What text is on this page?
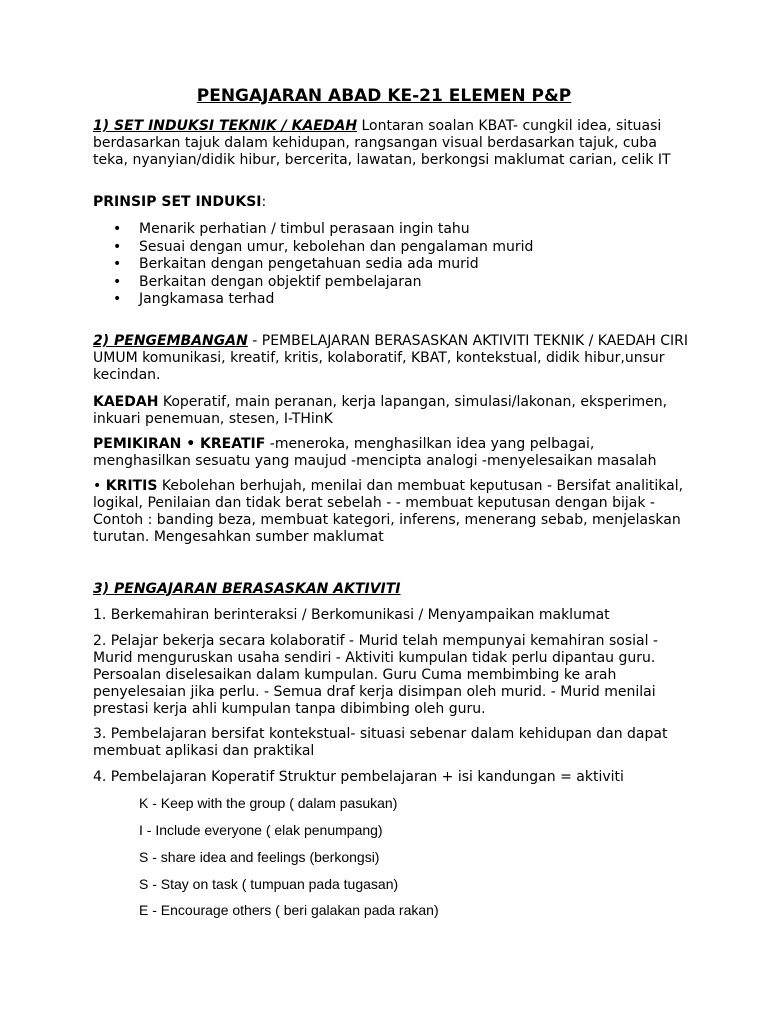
PENGAJARAN ABAD KE-21 ELEMEN P&P
1) SET INDUKSI TEKNIK / KAEDAH Lontaran soalan KBAT- cungkil idea, situasi berdasarkan tajuk dalam kehidupan, rangsangan visual berdasarkan tajuk, cuba teka, nyanyian/didik hibur, bercerita, lawatan, berkongsi maklumat carian, celik IT
PRINSIP SET INDUKSI:
• Menarik perhatian / timbul perasaan ingin tahu
• Sesuai dengan umur, kebolehan dan pengalaman murid
• Berkaitan dengan pengetahuan sedia ada murid
• Berkaitan dengan objektif pembelajaran
• Jangkamasa terhad
2) PENGEMBANGAN - PEMBELAJARAN BERASASKAN AKTIVITI TEKNIK / KAEDAH CIRI UMUM komunikasi, kreatif, kritis, kolaboratif, KBAT, kontekstual, didik hibur,unsur kecindan.
KAEDAH Koperatif, main peranan, kerja lapangan, simulasi/lakonan, eksperimen, inkuari penemuan, stesen, I-THinK
PEMIKIRAN • KREATIF -meneroka, menghasilkan idea yang pelbagai, menghasilkan sesuatu yang maujud -mencipta analogi -menyelesaikan masalah
• KRITIS Kebolehan berhujah, menilai dan membuat keputusan - Bersifat analitikal, logikal, Penilaian dan tidak berat sebelah - - membuat keputusan dengan bijak - Contoh : banding beza, membuat kategori, inferens, menerang sebab, menjelaskan turutan. Mengesahkan sumber maklumat
3) PENGAJARAN BERASASKAN AKTIVITI
1. Berkemahiran berinteraksi / Berkomunikasi / Menyampaikan maklumat
2. Pelajar bekerja secara kolaboratif - Murid telah mempunyai kemahiran sosial - Murid menguruskan usaha sendiri - Aktiviti kumpulan tidak perlu dipantau guru. Persoalan diselesaikan dalam kumpulan. Guru Cuma membimbing ke arah penyelesaian jika perlu. - Semua draf kerja disimpan oleh murid. - Murid menilai prestasi kerja ahli kumpulan tanpa dibimbing oleh guru.
3. Pembelajaran bersifat kontekstual- situasi sebenar dalam kehidupan dan dapat membuat aplikasi dan praktikal
4. Pembelajaran Koperatif Struktur pembelajaran + isi kandungan = aktiviti
K - Keep with the group ( dalam pasukan)
I - Include everyone ( elak penumpang)
S - share idea and feelings (berkongsi)
S - Stay on task ( tumpuan pada tugasan)
E - Encourage others ( beri galakan pada rakan)
